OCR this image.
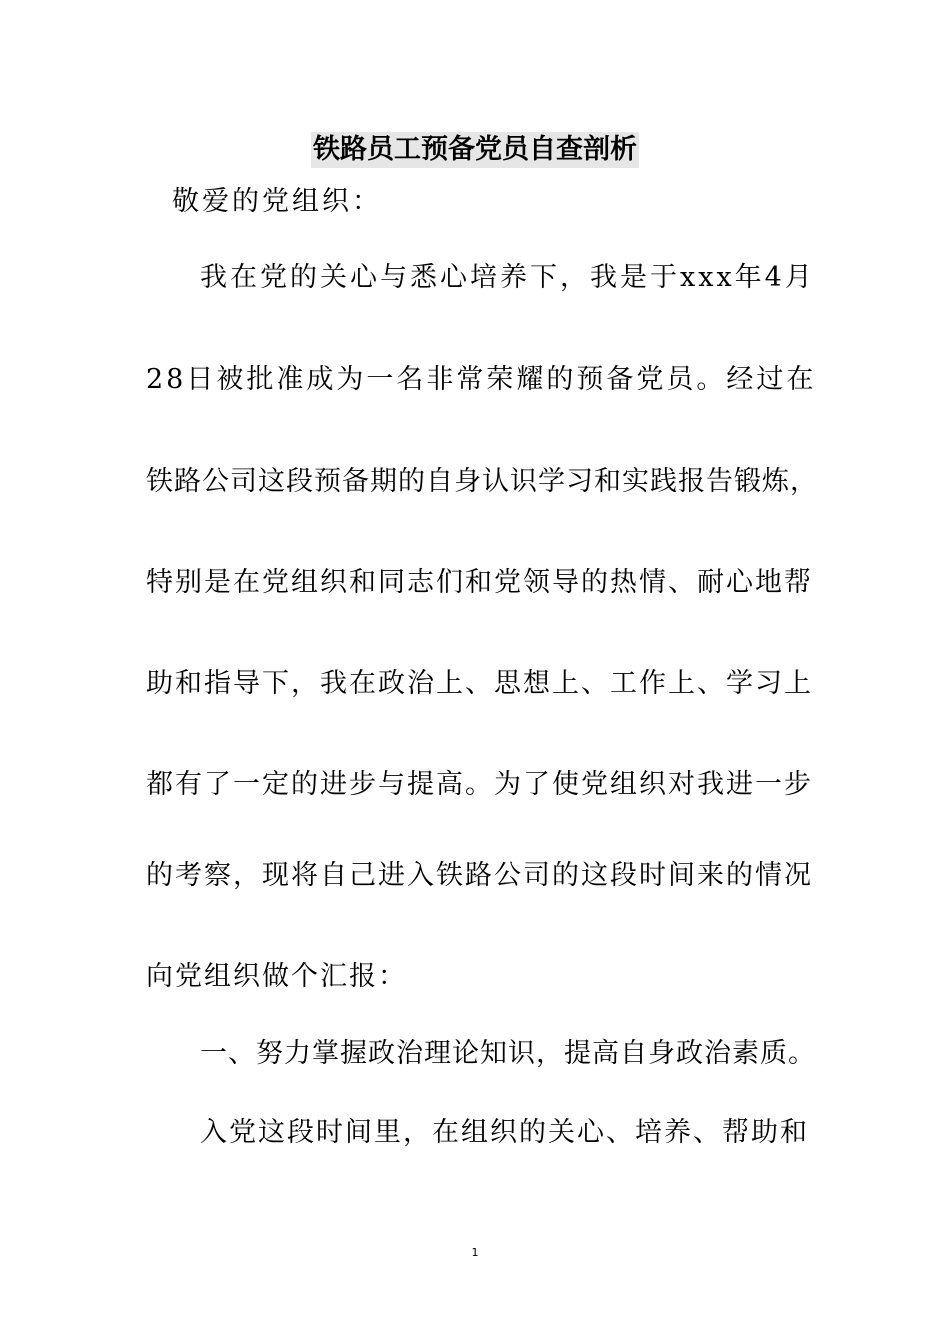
铁路员工预备党员自查剖析
敬爱的党组织：
我在党的关心与悉心培养下，我是于xxx年4月
28日被批准成为一名非常荣耀的预备党员。经过在
铁路公司这段预备期的自身认识学习和实践报告锻炼，
特别是在党组织和同志们和党领导的热情、耐心地帮
助和指导下，我在政治上、思想上、工作上、学习上
都有了一定的进步与提高。为了使党组织对我进一步
的考察，现将自己进入铁路公司的这段时间来的情况
向党组织做个汇报：
一、努力掌握政治理论知识，提高自身政治素质。
入党这段时间里，在组织的关心、培养、帮助和
1
